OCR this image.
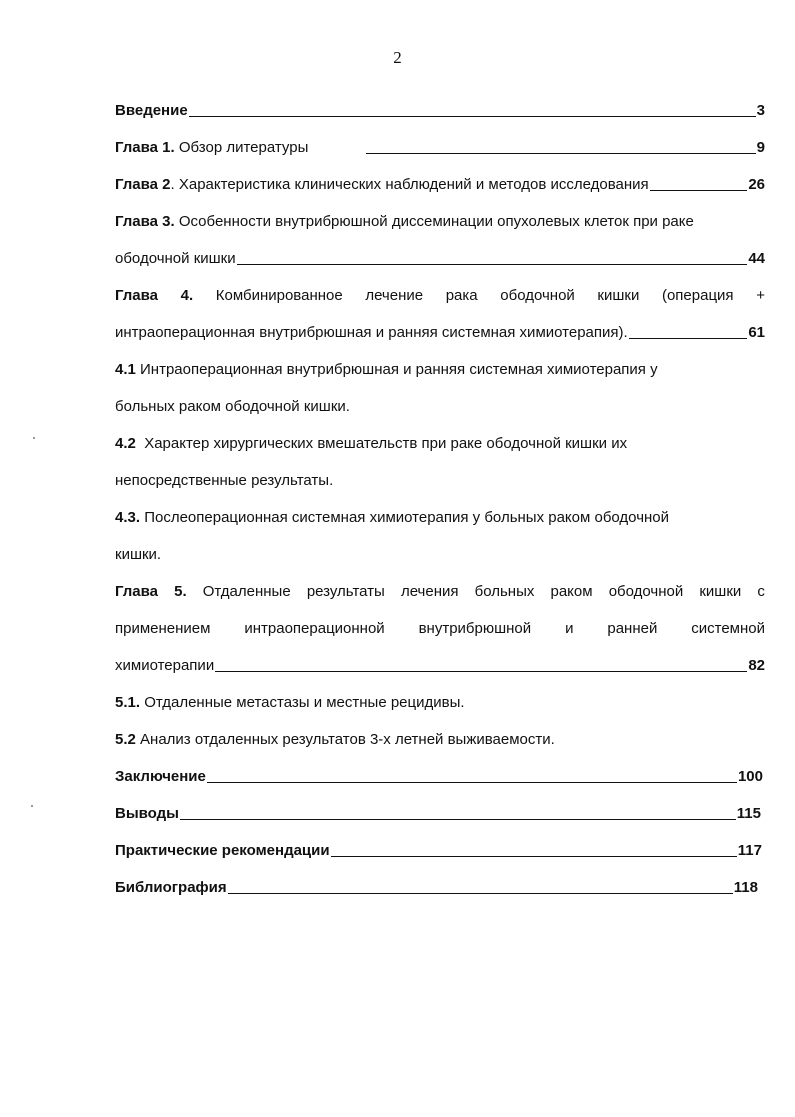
2
Введение	3
Глава 1.
Обзор литературы	9
Глава 2 . Характеристика клинических наблюдений и методов исследования	26
Глава 3. Особенности внутрибрюшной диссеминации опухолевых клеток при раке
ободочной кишки	44
Глава 4. Комбинированное лечение рака ободочной кишки (операция +
интраоперационная внутрибрюшная и ранняя системная химиотерапия).	61
4.1 Интраоперационная внутрибрюшная и ранняя системная химиотерапия у
больных раком ободочной кишки.
4.2  Характер хирургических вмешательств при раке ободочной кишки их
непосредственные результаты.
4.3. Послеоперационная системная химиотерапия у больных раком ободочной
кишки.
Глава 5. Отдаленные результаты лечения больных раком ободочной кишки с
применением интраоперационной внутрибрюшной и ранней системной
химиотерапии	82
5.1. Отдаленные метастазы и местные рецидивы.
5.2 Анализ отдаленных результатов 3-х летней выживаемости.
Заключение	100
Выводы	115
Практические рекомендации	117
Библиография	118
